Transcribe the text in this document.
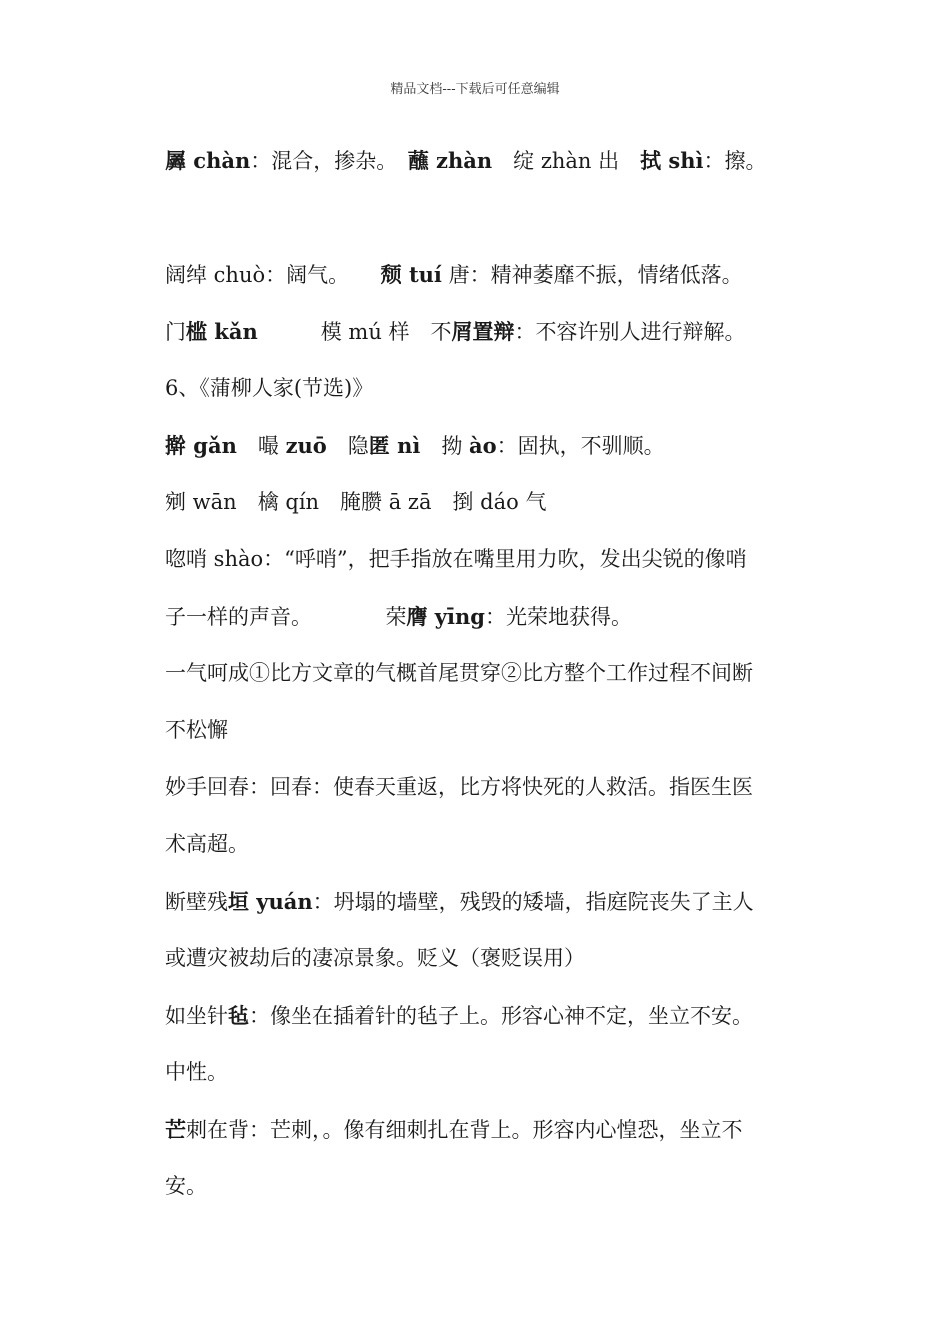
精品文档---下载后可任意编辑
羼 chàn：混合，掺杂。　蘸 zhàn　绽 zhàn 出　拭 shì：擦。
阔绰 chuò：阔气。　　颓 tuí 唐：精神萎靡不振，情绪低落。
门槛 kǎn　　　模 mú 样　不屑置辩：不容许别人进行辩解。
6、《蒲柳人家(节选)》
擀 gǎn　嘬 zuō　隐匿 nì　拗 ào：固执，不驯顺。
剜 wān　檎 qín　腌臜 ā zā　捯 dáo 气
唿哨 shào：“呼哨”，把手指放在嘴里用力吹，发出尖锐的像哨
子一样的声音。　　　　荣膺 yīng：光荣地获得。
一气呵成①比方文章的气概首尾贯穿②比方整个工作过程不间断
不松懈
妙手回春：回春：使春天重返，比方将快死的人救活。指医生医
术高超。
断壁残垣 yuán：坍塌的墙壁，残毁的矮墙，指庭院丧失了主人
或遭灾被劫后的凄凉景象。贬义（褒贬误用）
如坐针毡：像坐在插着针的毡子上。形容心神不定，坐立不安。
中性。
芒刺在背：芒刺，。像有细刺扎在背上。形容内心惶恐，坐立不
安。
